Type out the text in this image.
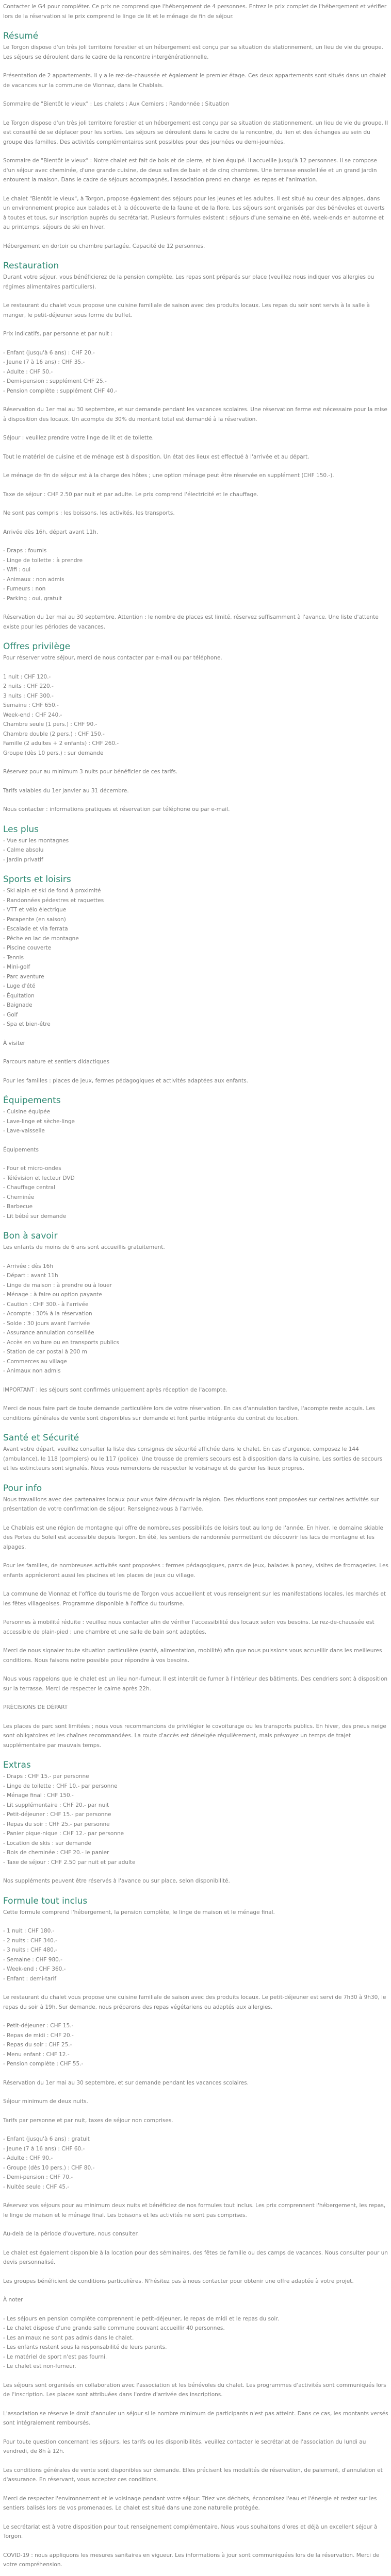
Contacter le G4 pour compléter. Ce prix ne comprend que l'hébergement de 4 personnes. Entrez le prix complet de l'hébergement et vérifier lors de la réservation si le prix comprend le linge de lit et le ménage de fin de séjour.

Résumé

Le Torgon dispose d'un très joli territoire forestier et un hébergement est conçu par sa situation de stationnement, un lieu de vie du groupe. Les séjours se déroulent dans le cadre de la rencontre intergénérationnelle.

Présentation de 2 appartements. Il y a le rez-de-chaussée et également le premier étage. Ces deux appartements sont situés dans un chalet de vacances sur la commune de Vionnaz, dans le Chablais.

Sommaire de "Bientôt le vieux" : Les chalets ; Aux Cerniers ; Randonnée ; Situation

Le Torgon dispose d'un très joli territoire forestier et un hébergement est conçu par sa situation de stationnement, un lieu de vie du groupe. Il est conseillé de se déplacer pour les sorties. Les séjours se déroulent dans le cadre de la rencontre, du lien et des échanges au sein du groupe des familles. Des activités complémentaires sont possibles pour des journées ou demi-journées.

Sommaire de "Bientôt le vieux" : Notre chalet est fait de bois et de pierre, et bien équipé. Il accueille jusqu'à 12 personnes. Il se compose d'un séjour avec cheminée, d'une grande cuisine, de deux salles de bain et de cinq chambres. Une terrasse ensoleillée et un grand jardin entourent la maison. Dans le cadre de séjours accompagnés, l'association prend en charge les repas et l'animation.

Le chalet "Bientôt le vieux", à Torgon, propose également des séjours pour les jeunes et les adultes. Il est situé au cœur des alpages, dans un environnement propice aux balades et à la découverte de la faune et de la flore. Les séjours sont organisés par des bénévoles et ouverts à toutes et tous, sur inscription auprès du secrétariat. Plusieurs formules existent : séjours d'une semaine en été, week-ends en automne et au printemps, séjours de ski en hiver.

Hébergement en dortoir ou chambre partagée. Capacité de 12 personnes.

Restauration

Durant votre séjour, vous bénéficierez de la pension complète. Les repas sont préparés sur place (veuillez nous indiquer vos allergies ou régimes alimentaires particuliers).

Le restaurant du chalet vous propose une cuisine familiale de saison avec des produits locaux. Les repas du soir sont servis à la salle à manger, le petit-déjeuner sous forme de buffet.

Prix indicatifs, par personne et par nuit :

- Enfant (jusqu'à 6 ans) : CHF 20.-
- Jeune (7 à 16 ans) : CHF 35.-
- Adulte : CHF 50.-
- Demi-pension : supplément CHF 25.-
- Pension complète : supplément CHF 40.-

Réservation du 1er mai au 30 septembre, et sur demande pendant les vacances scolaires. Une réservation ferme est nécessaire pour la mise à disposition des locaux. Un acompte de 30% du montant total est demandé à la réservation.

Séjour : veuillez prendre votre linge de lit et de toilette.

Tout le matériel de cuisine et de ménage est à disposition. Un état des lieux est effectué à l'arrivée et au départ.

Le ménage de fin de séjour est à la charge des hôtes ; une option ménage peut être réservée en supplément (CHF 150.-).

Taxe de séjour : CHF 2.50 par nuit et par adulte. Le prix comprend l'électricité et le chauffage.

Ne sont pas compris : les boissons, les activités, les transports.

Arrivée dès 16h, départ avant 11h.

- Draps : fournis
- Linge de toilette : à prendre
- Wifi : oui
- Animaux : non admis
- Fumeurs : non
- Parking : oui, gratuit

Réservation du 1er mai au 30 septembre. Attention : le nombre de places est limité, réservez suffisamment à l'avance. Une liste d'attente existe pour les périodes de vacances.

Offres privilège

Pour réserver votre séjour, merci de nous contacter par e-mail ou par téléphone.

1 nuit : CHF 120.-
2 nuits : CHF 220.-
3 nuits : CHF 300.-
Semaine : CHF 650.-
Week-end : CHF 240.-
Chambre seule (1 pers.) : CHF 90.-
Chambre double (2 pers.) : CHF 150.-
Famille (2 adultes + 2 enfants) : CHF 260.-
Groupe (dès 10 pers.) : sur demande

Réservez pour au minimum 3 nuits pour bénéficier de ces tarifs.

Tarifs valables du 1er janvier au 31 décembre.

Nous contacter : informations pratiques et réservation par téléphone ou par e-mail.

Les plus
- Vue sur les montagnes
- Calme absolu
- Jardin privatif
Sports et loisirs
- Ski alpin et ski de fond à proximité
- Randonnées pédestres et raquettes
- VTT et vélo électrique
- Parapente (en saison)
- Escalade et via ferrata
- Pêche en lac de montagne
- Piscine couverte
- Tennis
- Mini-golf
- Parc aventure
- Luge d'été
- Équitation
- Baignade
- Golf
- Spa et bien-être

À visiter

Parcours nature et sentiers didactiques

Pour les familles : places de jeux, fermes pédagogiques et activités adaptées aux enfants.

Équipements
- Cuisine équipée
- Lave-linge et sèche-linge
- Lave-vaisselle

Équipements

- Four et micro-ondes
- Télévision et lecteur DVD
- Chauffage central
- Cheminée
- Barbecue
- Lit bébé sur demande
Bon à savoir

Les enfants de moins de 6 ans sont accueillis gratuitement.

- Arrivée : dès 16h
- Départ : avant 11h
- Linge de maison : à prendre ou à louer
- Ménage : à faire ou option payante
- Caution : CHF 300.- à l'arrivée
- Acompte : 30% à la réservation
- Solde : 30 jours avant l'arrivée
- Assurance annulation conseillée
- Accès en voiture ou en transports publics
- Station de car postal à 200 m
- Commerces au village
- Animaux non admis

IMPORTANT : les séjours sont confirmés uniquement après réception de l'acompte.

Merci de nous faire part de toute demande particulière lors de votre réservation. En cas d'annulation tardive, l'acompte reste acquis. Les conditions générales de vente sont disponibles sur demande et font partie intégrante du contrat de location.

Santé et Sécurité

Avant votre départ, veuillez consulter la liste des consignes de sécurité affichée dans le chalet. En cas d'urgence, composez le 144 (ambulance), le 118 (pompiers) ou le 117 (police). Une trousse de premiers secours est à disposition dans la cuisine. Les sorties de secours et les extincteurs sont signalés. Nous vous remercions de respecter le voisinage et de garder les lieux propres.

Pour info

Nous travaillons avec des partenaires locaux pour vous faire découvrir la région. Des réductions sont proposées sur certaines activités sur présentation de votre confirmation de séjour. Renseignez-vous à l'arrivée.

Le Chablais est une région de montagne qui offre de nombreuses possibilités de loisirs tout au long de l'année. En hiver, le domaine skiable des Portes du Soleil est accessible depuis Torgon. En été, les sentiers de randonnée permettent de découvrir les lacs de montagne et les alpages.

Pour les familles, de nombreuses activités sont proposées : fermes pédagogiques, parcs de jeux, balades à poney, visites de fromageries. Les enfants apprécieront aussi les piscines et les places de jeux du village.

La commune de Vionnaz et l'office du tourisme de Torgon vous accueillent et vous renseignent sur les manifestations locales, les marchés et les fêtes villageoises. Programme disponible à l'office du tourisme.

Personnes à mobilité réduite : veuillez nous contacter afin de vérifier l'accessibilité des locaux selon vos besoins. Le rez-de-chaussée est accessible de plain-pied ; une chambre et une salle de bain sont adaptées.

Merci de nous signaler toute situation particulière (santé, alimentation, mobilité) afin que nous puissions vous accueillir dans les meilleures conditions. Nous faisons notre possible pour répondre à vos besoins.

Nous vous rappelons que le chalet est un lieu non-fumeur. Il est interdit de fumer à l'intérieur des bâtiments. Des cendriers sont à disposition sur la terrasse. Merci de respecter le calme après 22h.

PRÉCISIONS DE DÉPART

Les places de parc sont limitées ; nous vous recommandons de privilégier le covoiturage ou les transports publics. En hiver, des pneus neige sont obligatoires et les chaînes recommandées. La route d'accès est déneigée régulièrement, mais prévoyez un temps de trajet supplémentaire par mauvais temps.

Extras
- Draps : CHF 15.- par personne
- Linge de toilette : CHF 10.- par personne
- Ménage final : CHF 150.-
- Lit supplémentaire : CHF 20.- par nuit
- Petit-déjeuner : CHF 15.- par personne
- Repas du soir : CHF 25.- par personne
- Panier pique-nique : CHF 12.- par personne
- Location de skis : sur demande
- Bois de cheminée : CHF 20.- le panier
- Taxe de séjour : CHF 2.50 par nuit et par adulte

Nos suppléments peuvent être réservés à l'avance ou sur place, selon disponibilité.

Formule tout inclus

Cette formule comprend l'hébergement, la pension complète, le linge de maison et le ménage final.

- 1 nuit : CHF 180.-
- 2 nuits : CHF 340.-
- 3 nuits : CHF 480.-
- Semaine : CHF 980.-
- Week-end : CHF 360.-
- Enfant : demi-tarif

Le restaurant du chalet vous propose une cuisine familiale de saison avec des produits locaux. Le petit-déjeuner est servi de 7h30 à 9h30, le repas du soir à 19h. Sur demande, nous préparons des repas végétariens ou adaptés aux allergies.

- Petit-déjeuner : CHF 15.-
- Repas de midi : CHF 20.-
- Repas du soir : CHF 25.-
- Menu enfant : CHF 12.-
- Pension complète : CHF 55.-

Réservation du 1er mai au 30 septembre, et sur demande pendant les vacances scolaires.

Séjour minimum de deux nuits.

Tarifs par personne et par nuit, taxes de séjour non comprises.

- Enfant (jusqu'à 6 ans) : gratuit
- Jeune (7 à 16 ans) : CHF 60.-
- Adulte : CHF 90.-
- Groupe (dès 10 pers.) : CHF 80.-
- Demi-pension : CHF 70.-
- Nuitée seule : CHF 45.-

Réservez vos séjours pour au minimum deux nuits et bénéficiez de nos formules tout inclus. Les prix comprennent l'hébergement, les repas, le linge de maison et le ménage final. Les boissons et les activités ne sont pas comprises.

Au-delà de la période d'ouverture, nous consulter.

Le chalet est également disponible à la location pour des séminaires, des fêtes de famille ou des camps de vacances. Nous consulter pour un devis personnalisé.

Les groupes bénéficient de conditions particulières. N'hésitez pas à nous contacter pour obtenir une offre adaptée à votre projet.

À noter

- Les séjours en pension complète comprennent le petit-déjeuner, le repas de midi et le repas du soir.
- Le chalet dispose d'une grande salle commune pouvant accueillir 40 personnes.
- Les animaux ne sont pas admis dans le chalet.
- Les enfants restent sous la responsabilité de leurs parents.
- Le matériel de sport n'est pas fourni.
- Le chalet est non-fumeur.

Les séjours sont organisés en collaboration avec l'association et les bénévoles du chalet. Les programmes d'activités sont communiqués lors de l'inscription. Les places sont attribuées dans l'ordre d'arrivée des inscriptions.

L'association se réserve le droit d'annuler un séjour si le nombre minimum de participants n'est pas atteint. Dans ce cas, les montants versés sont intégralement remboursés.

Pour toute question concernant les séjours, les tarifs ou les disponibilités, veuillez contacter le secrétariat de l'association du lundi au vendredi, de 8h à 12h.

Les conditions générales de vente sont disponibles sur demande. Elles précisent les modalités de réservation, de paiement, d'annulation et d'assurance. En réservant, vous acceptez ces conditions.

Merci de respecter l'environnement et le voisinage pendant votre séjour. Triez vos déchets, économisez l'eau et l'énergie et restez sur les sentiers balisés lors de vos promenades. Le chalet est situé dans une zone naturelle protégée.

Le secrétariat est à votre disposition pour tout renseignement complémentaire. Nous vous souhaitons d'ores et déjà un excellent séjour à Torgon.

COVID-19 : nous appliquons les mesures sanitaires en vigueur. Les informations à jour sont communiquées lors de la réservation. Merci de votre compréhension.
